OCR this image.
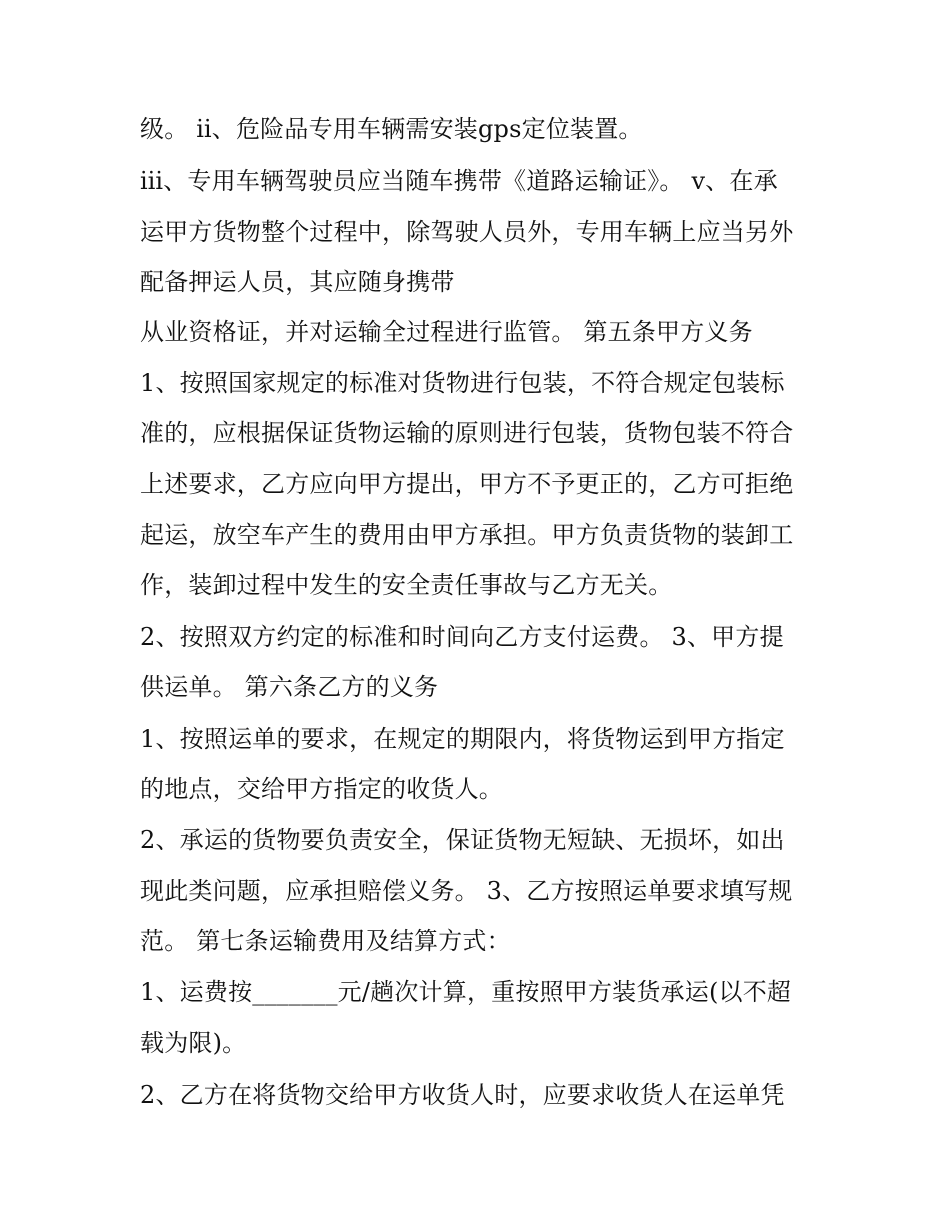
级。 ⅱ、危险品专用车辆需安装gps定位装置。
ⅲ、专用车辆驾驶员应当随车携带《道路运输证》。 v、在承
运甲方货物整个过程中，除驾驶人员外，专用车辆上应当另外
配备押运人员，其应随身携带
从业资格证，并对运输全过程进行监管。 第五条甲方义务
1、按照国家规定的标准对货物进行包装，不符合规定包装标
准的，应根据保证货物运输的原则进行包装，货物包装不符合
上述要求，乙方应向甲方提出，甲方不予更正的，乙方可拒绝
起运，放空车产生的费用由甲方承担。甲方负责货物的装卸工
作，装卸过程中发生的安全责任事故与乙方无关。
2、按照双方约定的标准和时间向乙方支付运费。 3、甲方提
供运单。 第六条乙方的义务
1、按照运单的要求，在规定的期限内，将货物运到甲方指定
的地点，交给甲方指定的收货人。
2、承运的货物要负责安全，保证货物无短缺、无损坏，如出
现此类问题，应承担赔偿义务。 3、乙方按照运单要求填写规
范。 第七条运输费用及结算方式：
1、运费按_______元/趟次计算，重按照甲方装货承运(以不超
载为限)。
2、乙方在将货物交给甲方收货人时，应要求收货人在运单凭
